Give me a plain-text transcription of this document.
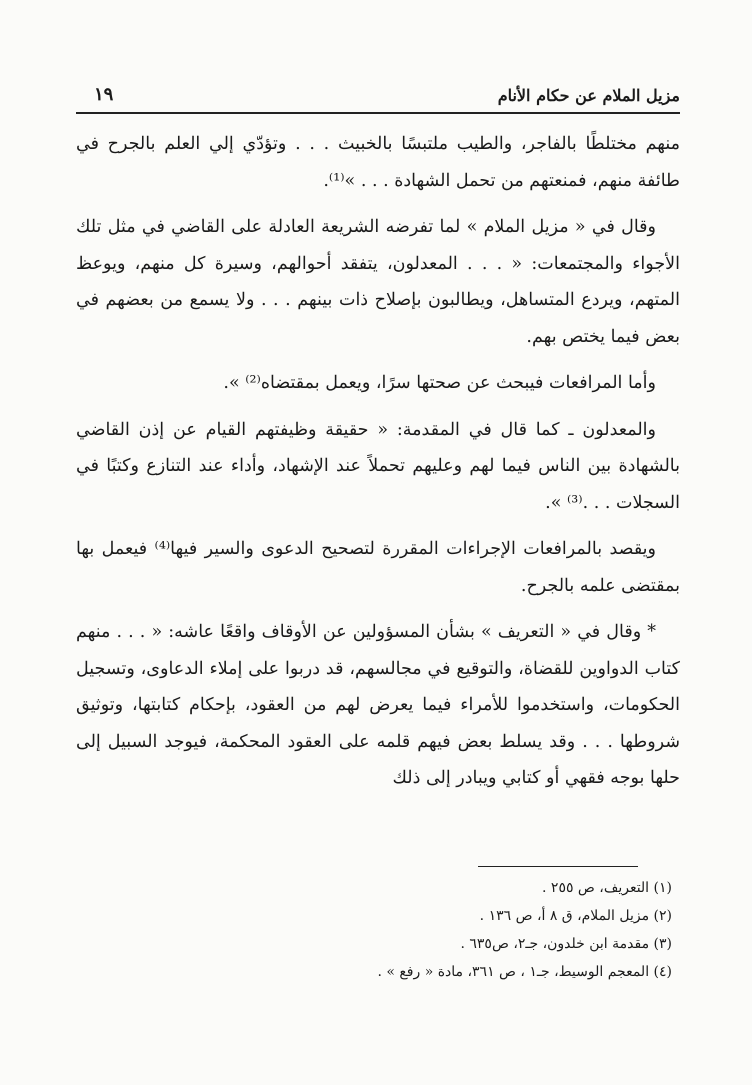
مزيل الملام عن حكام الأنام
١٩

منهم مختلطًا بالفاجر، والطيب ملتبسًا بالخبيث . . . وتؤدّي إلي العلم بالجرح في طائفة منهم، فمنعتهم من تحمل الشهادة . . . »⁽¹⁾.

وقال في « مزيل الملام » لما تفرضه الشريعة العادلة على القاضي في مثل تلك الأجواء والمجتمعات: « . . . المعدلون، يتفقد أحوالهم، وسيرة كل منهم، ويوعظ المتهم، ويردع المتساهل، ويطالبون بإصلاح ذات بينهم . . . ولا يسمع من بعضهم في بعض فيما يختص بهم.

وأما المرافعات فيبحث عن صحتها سرًا، ويعمل بمقتضاه⁽²⁾ ».

والمعدلون ـ كما قال في المقدمة: « حقيقة وظيفتهم القيام عن إذن القاضي بالشهادة بين الناس فيما لهم وعليهم تحملاً عند الإشهاد، وأداء عند التنازع وكتبًا في السجلات . . .⁽³⁾ ».

ويقصد بالمرافعات الإجراءات المقررة لتصحيح الدعوى والسير فيها⁽⁴⁾ فيعمل بها بمقتضى علمه بالجرح.

* وقال في « التعريف » بشأن المسؤولين عن الأوقاف واقعًا عاشه: « . . . منهم كتاب الدواوين للقضاة، والتوقيع في مجالسهم، قد دربوا على إملاء الدعاوى، وتسجيل الحكومات، واستخدموا للأمراء فيما يعرض لهم من العقود، بإحكام كتابتها، وتوثيق شروطها . . . وقد يسلط بعض فيهم قلمه على العقود المحكمة، فيوجد السبيل إلى حلها بوجه فقهي أو كتابي ويبادر إلى ذلك

(١) التعريف، ص ٢٥٥ .
(٢) مزيل الملام، ق ٨ أ، ص ١٣٦ .
(٣) مقدمة ابن خلدون، جـ٢، ص٦٣٥ .
(٤) المعجم الوسيط، جـ١ ، ص ٣٦١، مادة « رفع » .
